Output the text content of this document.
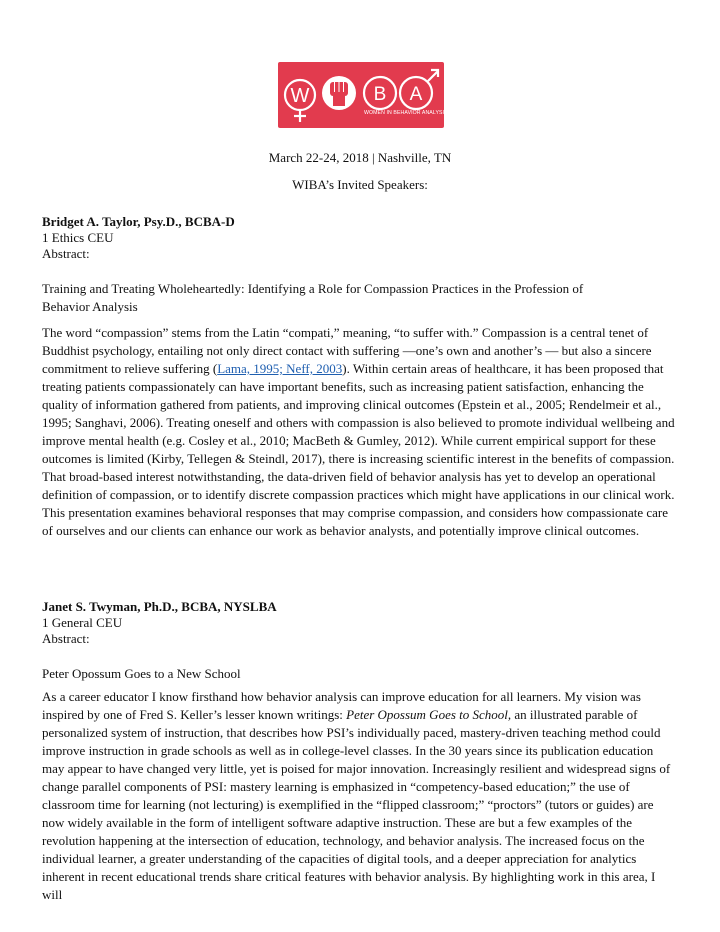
W	B A
WOMEN IN BEHAVIOR ANALYSIS
March 22-24, 2018 | Nashville, TN
WIBA’s Invited Speakers:
Bridget A. Taylor, Psy.D., BCBA-D
1 Ethics CEU
Abstract:
Training and Treating Wholeheartedly: Identifying a Role for Compassion Practices in the Profession of
Behavior Analysis

The word “compassion” stems from the Latin “compati,” meaning, “to suffer with.” Compassion is a central tenet of Buddhist psychology, entailing not only direct contact with suffering —one’s own and another’s — but also a sincere commitment to relieve suffering (Lama, 1995; Neff, 2003). Within certain areas of healthcare, it has been proposed that treating patients compassionately can have important benefits, such as increasing patient satisfaction, enhancing the quality of information gathered from patients, and improving clinical outcomes (Epstein et al., 2005; Rendelmeir et al., 1995; Sanghavi, 2006). Treating oneself and others with compassion is also believed to promote individual wellbeing and improve mental health (e.g. Cosley et al., 2010; MacBeth & Gumley, 2012). While current empirical support for these outcomes is limited (Kirby, Tellegen & Steindl, 2017), there is increasing scientific interest in the benefits of compassion. That broad-based interest notwithstanding, the data-driven field of behavior analysis has yet to develop an operational definition of compassion, or to identify discrete compassion practices which might have applications in our clinical work. This presentation examines behavioral responses that may comprise compassion, and considers how compassionate care of ourselves and our clients can enhance our work as behavior analysts, and potentially improve clinical outcomes.

Janet S. Twyman, Ph.D., BCBA, NYSLBA
1 General CEU
Abstract:
Peter Opossum Goes to a New School

As a career educator I know firsthand how behavior analysis can improve education for all learners. My vision was inspired by one of Fred S. Keller’s lesser known writings: Peter Opossum Goes to School, an illustrated parable of personalized system of instruction, that describes how PSI’s individually paced, mastery-driven teaching method could improve instruction in grade schools as well as in college-level classes. In the 30 years since its publication education may appear to have changed very little, yet is poised for major innovation. Increasingly resilient and widespread signs of change parallel components of PSI: mastery learning is emphasized in “competency-based education;” the use of classroom time for learning (not lecturing) is exemplified in the “flipped classroom;” “proctors” (tutors or guides) are now widely available in the form of intelligent software adaptive instruction. These are but a few examples of the revolution happening at the intersection of education, technology, and behavior analysis. The increased focus on the individual learner, a greater understanding of the capacities of digital tools, and a deeper appreciation for analytics inherent in recent educational trends share critical features with behavior analysis. By highlighting work in this area, I will
